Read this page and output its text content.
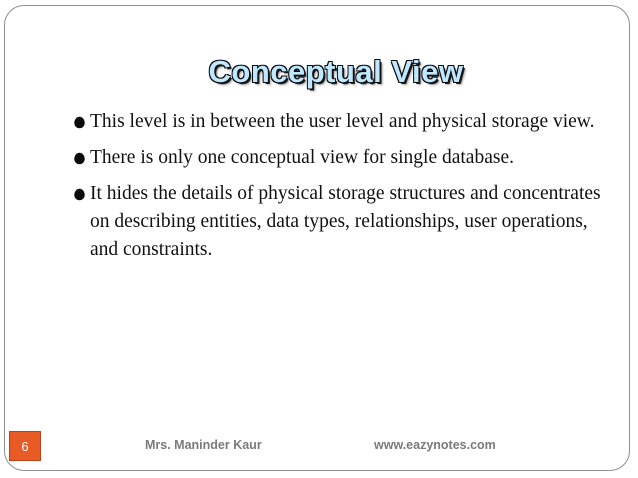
Conceptual View
This level is in between the user level and physical storage view.
There is only one conceptual view for single database.
It hides the details of physical storage structures and concentrates on describing entities, data types, relationships, user operations, and constraints.
6	Mrs. Maninder Kaur	www.eazynotes.com
